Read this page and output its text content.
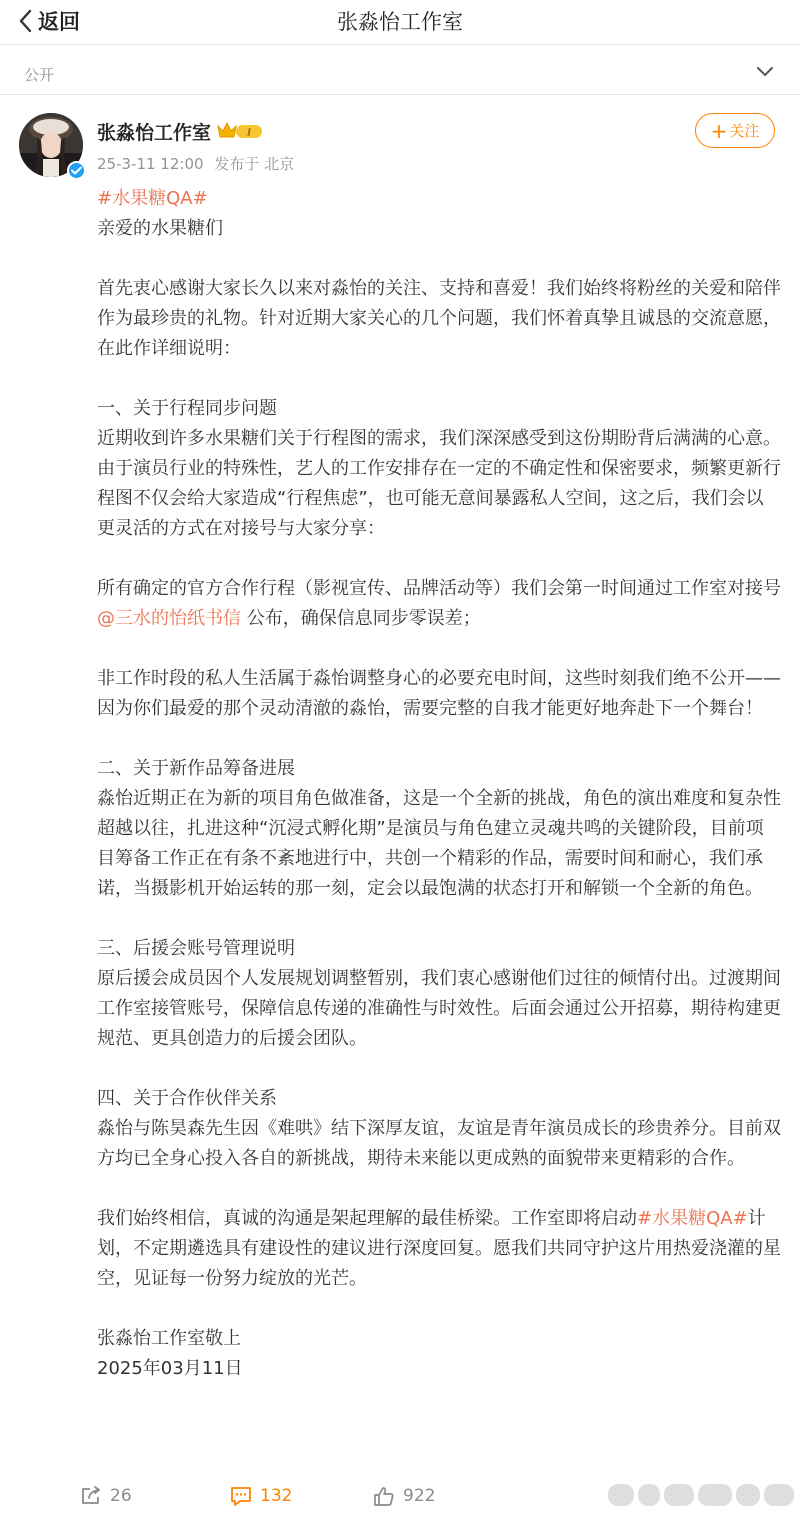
返回	张淼怡工作室
公开
张淼怡工作室	I
25-3-11 12:00 发布于 北京
+ 关注

#水果糖QA#

亲爱的水果糖们

首先衷心感谢大家长久以来对淼怡的关注、支持和喜爱！我们始终将粉丝的关爱和陪伴作为最珍贵的礼物。针对近期大家关心的几个问题，我们怀着真挚且诚恳的交流意愿，在此作详细说明：

一、关于行程同步问题

近期收到许多水果糖们关于行程图的需求，我们深深感受到这份期盼背后满满的心意。由于演员行业的特殊性，艺人的工作安排存在一定的不确定性和保密要求，频繁更新行程图不仅会给大家造成“行程焦虑”，也可能无意间暴露私人空间，这之后，我们会以更灵活的方式在对接号与大家分享：

所有确定的官方合作行程（影视宣传、品牌活动等）我们会第一时间通过工作室对接号@三水的怡纸书信 公布，确保信息同步零误差；

非工作时段的私人生活属于淼怡调整身心的必要充电时间，这些时刻我们绝不公开——因为你们最爱的那个灵动清澈的淼怡，需要完整的自我才能更好地奔赴下一个舞台！

二、关于新作品筹备进展

淼怡近期正在为新的项目角色做准备，这是一个全新的挑战，角色的演出难度和复杂性超越以往，扎进这种“沉浸式孵化期”是演员与角色建立灵魂共鸣的关键阶段，目前项目筹备工作正在有条不紊地进行中，共创一个精彩的作品，需要时间和耐心，我们承诺，当摄影机开始运转的那一刻，定会以最饱满的状态打开和解锁一个全新的角色。

三、后援会账号管理说明

原后援会成员因个人发展规划调整暂别，我们衷心感谢他们过往的倾情付出。过渡期间工作室接管账号，保障信息传递的准确性与时效性。后面会通过公开招募，期待构建更规范、更具创造力的后援会团队。

四、关于合作伙伴关系

淼怡与陈昊森先生因《难哄》结下深厚友谊，友谊是青年演员成长的珍贵养分。目前双方均已全身心投入各自的新挑战，期待未来能以更成熟的面貌带来更精彩的合作。

我们始终相信，真诚的沟通是架起理解的最佳桥梁。工作室即将启动#水果糖QA#计划，不定期遴选具有建设性的建议进行深度回复。愿我们共同守护这片用热爱浇灌的星空，见证每一份努力绽放的光芒。

张淼怡工作室敬上

2025年03月11日

26	132	922
